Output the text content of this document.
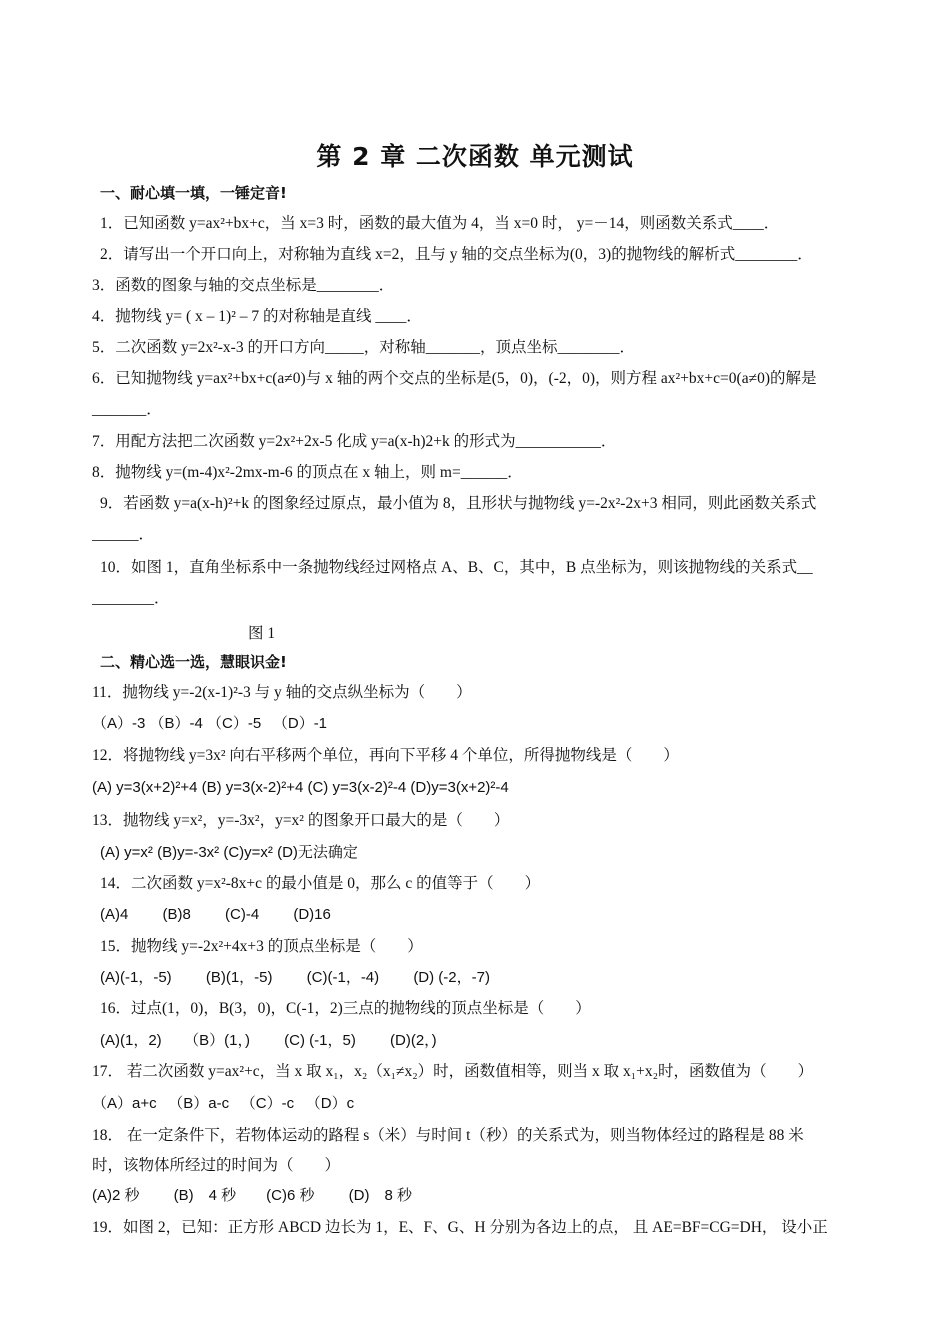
第 2 章 二次函数 单元测试
一、耐心填一填，一锤定音!
1．已知函数 y=ax²+bx+c，当 x=3 时，函数的最大值为 4，当 x=0 时， y=－14，则函数关系式____．
2．请写出一个开口向上，对称轴为直线 x=2，且与 y 轴的交点坐标为(0，3)的抛物线的解析式________．
3．函数的图象与轴的交点坐标是________．
4．抛物线 y= ( x – 1)² – 7 的对称轴是直线 ____．
5．二次函数 y=2x²-x-3 的开口方向_____，对称轴_______，顶点坐标________．
6．已知抛物线 y=ax²+bx+c(a≠0)与 x 轴的两个交点的坐标是(5，0)，(-2，0)，则方程 ax²+bx+c=0(a≠0)的解是
_______．
7．用配方法把二次函数 y=2x²+2x-5 化成 y=a(x-h)2+k 的形式为___________．
8．抛物线 y=(m-4)x²-2mx-m-6 的顶点在 x 轴上，则 m=______．
9．若函数 y=a(x-h)²+k 的图象经过原点，最小值为 8，且形状与抛物线 y=-2x²-2x+3 相同，则此函数关系式
______．
10．如图 1，直角坐标系中一条抛物线经过网格点 A、B、C，其中，B 点坐标为，则该抛物线的关系式__
________．
图 1
二、精心选一选，慧眼识金!
11．抛物线 y=-2(x-1)²-3 与 y 轴的交点纵坐标为（　　）
（A）-3 （B）-4 （C）-5 　（D）-1
12．将抛物线 y=3x² 向右平移两个单位，再向下平移 4 个单位，所得抛物线是（　　）
(A) y=3(x+2)²+4 (B) y=3(x-2)²+4 (C) y=3(x-2)²-4 (D)y=3(x+2)²-4
13．抛物线 y=x²，y=-3x²，y=x² 的图象开口最大的是（　　）
(A) y=x² (B)y=-3x² (C)y=x² (D)无法确定
14．二次函数 y=x²-8x+c 的最小值是 0，那么 c 的值等于（　　）
(A)4　　 (B)8　　 (C)-4　　 (D)16
15．抛物线 y=-2x²+4x+3 的顶点坐标是（　　）
(A)(-1，-5)　　 (B)(1，-5)　　 (C)(-1，-4)　　 (D) (-2，-7)
16．过点(1，0)，B(3，0)，C(-1，2)三点的抛物线的顶点坐标是（　　）
(A)(1，2)　　（B）(1，)　　 (C) (-1，5)　　 (D)(2，)
17． 若二次函数 y=ax²+c，当 x 取 x₁，x₂（x₁≠x₂）时，函数值相等，则当 x 取 x₁+x₂时，函数值为（　　）
（A）a+c 　（B）a-c 　（C）-c 　（D）c
18． 在一定条件下，若物体运动的路程 s（米）与时间 t（秒）的关系式为，则当物体经过的路程是 88 米
时，该物体所经过的时间为（　　）
(A)2 秒　　 (B)　4 秒　　(C)6 秒　　 (D)　8 秒
19．如图 2，已知：正方形 ABCD 边长为 1，E、F、G、H 分别为各边上的点， 且 AE=BF=CG=DH， 设小正
